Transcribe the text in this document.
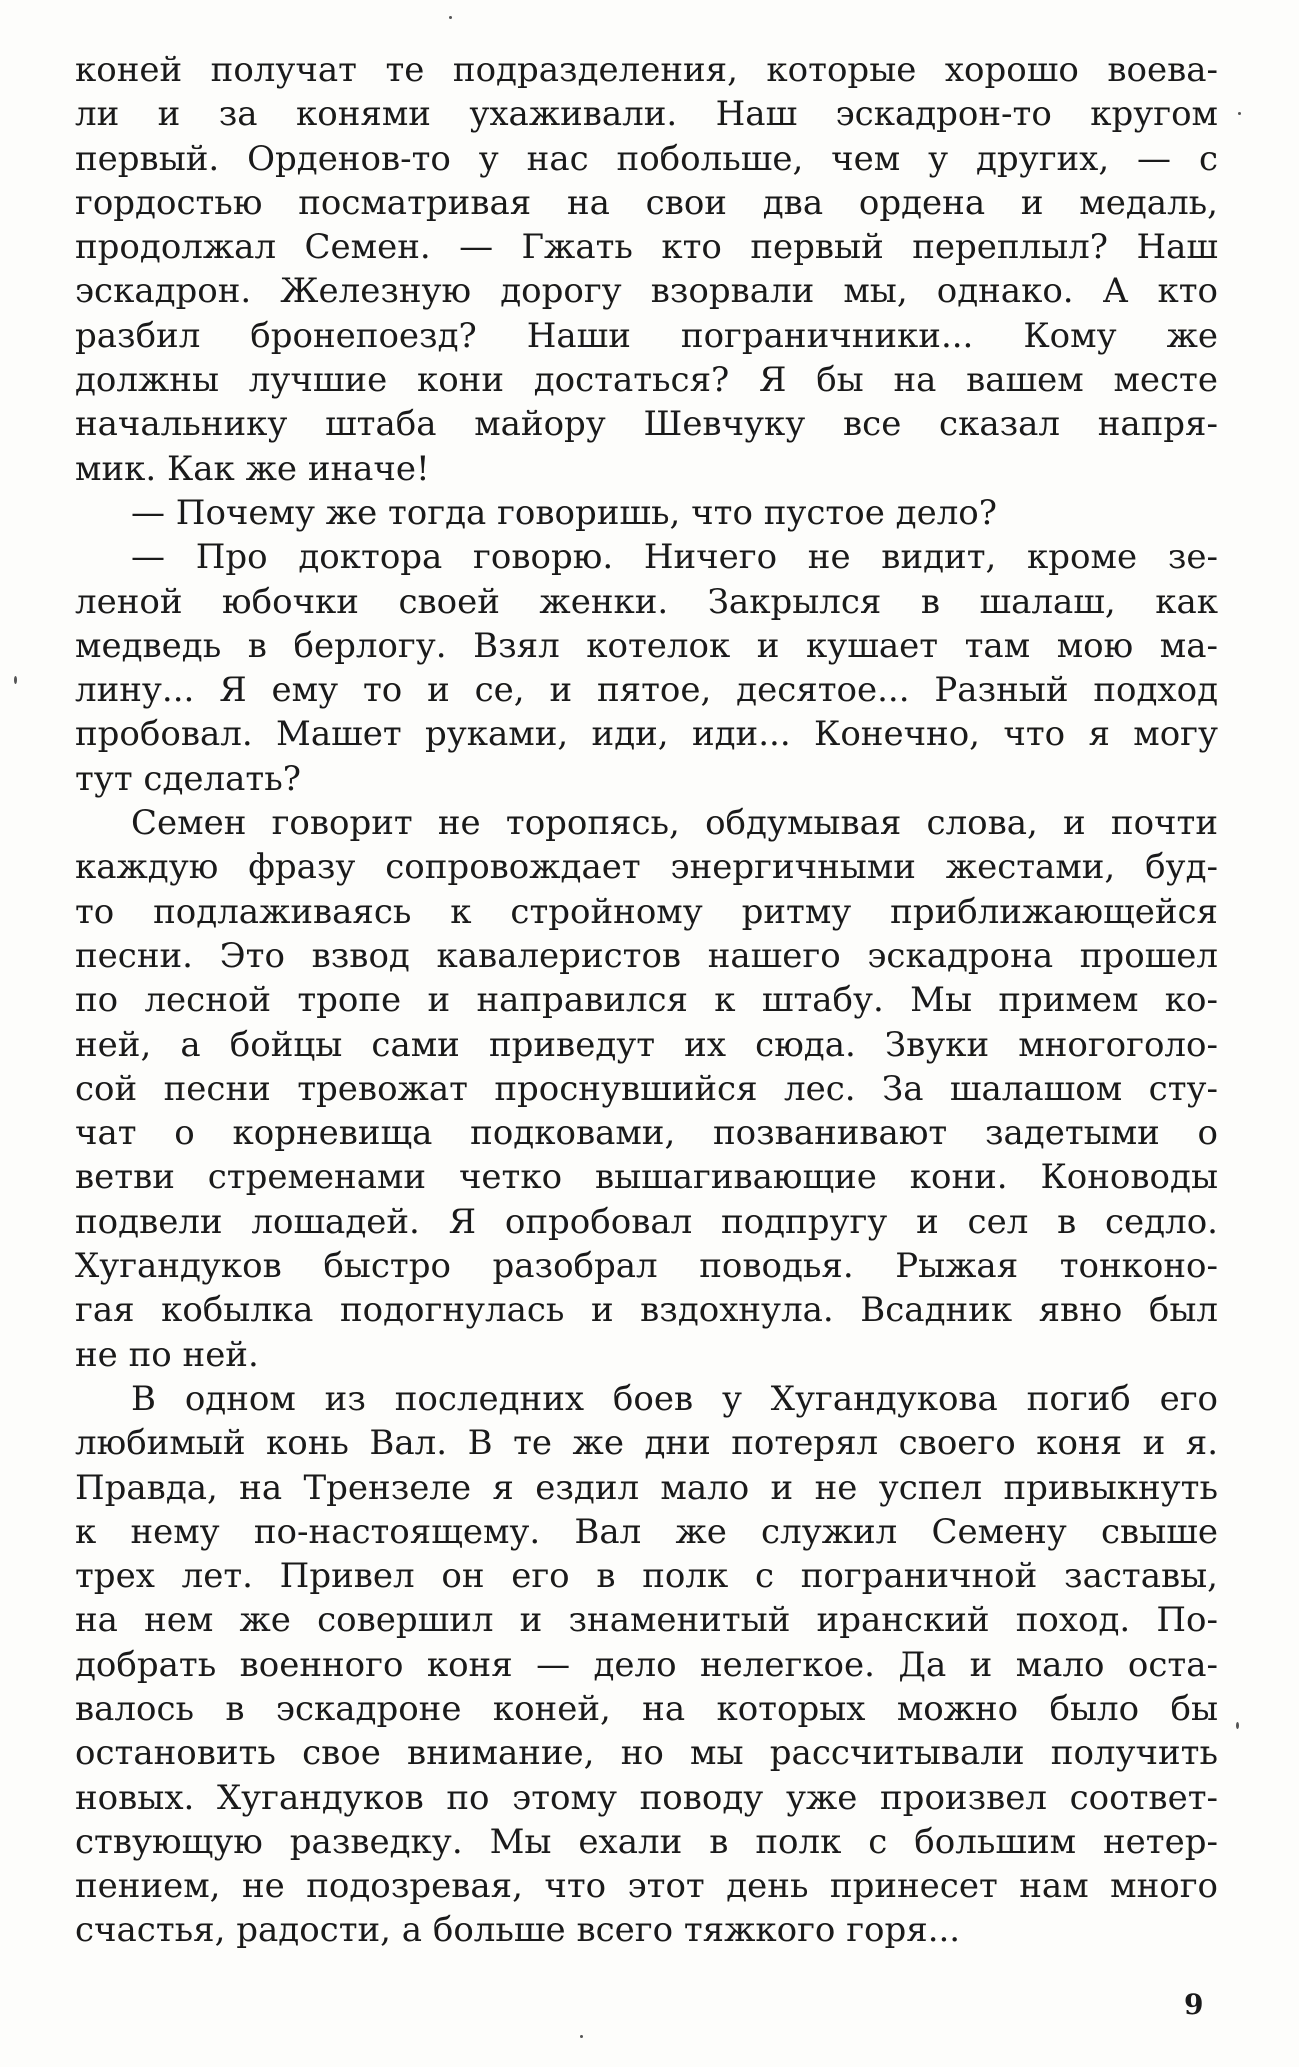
коней получат те подразделения, которые хорошо воева-
ли и за конями ухаживали. Наш эскадрон-то кругом
первый. Орденов-то у нас побольше, чем у других, — с
гордостью посматривая на свои два ордена и медаль,
продолжал Семен. — Гжать кто первый переплыл? Наш
эскадрон. Железную дорогу взорвали мы, однако. А кто
разбил бронепоезд? Наши пограничники... Кому же
должны лучшие кони достаться? Я бы на вашем месте
начальнику штаба майору Шевчуку все сказал напря-
мик. Как же иначе!
— Почему же тогда говоришь, что пустое дело?
— Про доктора говорю. Ничего не видит, кроме зе-
леной юбочки своей женки. Закрылся в шалаш, как
медведь в берлогу. Взял котелок и кушает там мою ма-
лину... Я ему то и се, и пятое, десятое... Разный подход
пробовал. Машет руками, иди, иди... Конечно, что я могу
тут сделать?
Семен говорит не торопясь, обдумывая слова, и почти
каждую фразу сопровождает энергичными жестами, буд-
то подлаживаясь к стройному ритму приближающейся
песни. Это взвод кавалеристов нашего эскадрона прошел
по лесной тропе и направился к штабу. Мы примем ко-
ней, а бойцы сами приведут их сюда. Звуки многоголо-
сой песни тревожат проснувшийся лес. За шалашом сту-
чат о корневища подковами, позванивают задетыми о
ветви стременами четко вышагивающие кони. Коноводы
подвели лошадей. Я опробовал подпругу и сел в седло.
Хугандуков быстро разобрал поводья. Рыжая тонконо-
гая кобылка подогнулась и вздохнула. Всадник явно был
не по ней.
В одном из последних боев у Хугандукова погиб его
любимый конь Вал. В те же дни потерял своего коня и я.
Правда, на Трензеле я ездил мало и не успел привыкнуть
к нему по-настоящему. Вал же служил Семену свыше
трех лет. Привел он его в полк с пограничной заставы,
на нем же совершил и знаменитый иранский поход. По-
добрать военного коня — дело нелегкое. Да и мало оста-
валось в эскадроне коней, на которых можно было бы
остановить свое внимание, но мы рассчитывали получить
новых. Хугандуков по этому поводу уже произвел соответ-
ствующую разведку. Мы ехали в полк с большим нетер-
пением, не подозревая, что этот день принесет нам много
счастья, радости, а больше всего тяжкого горя...
9
